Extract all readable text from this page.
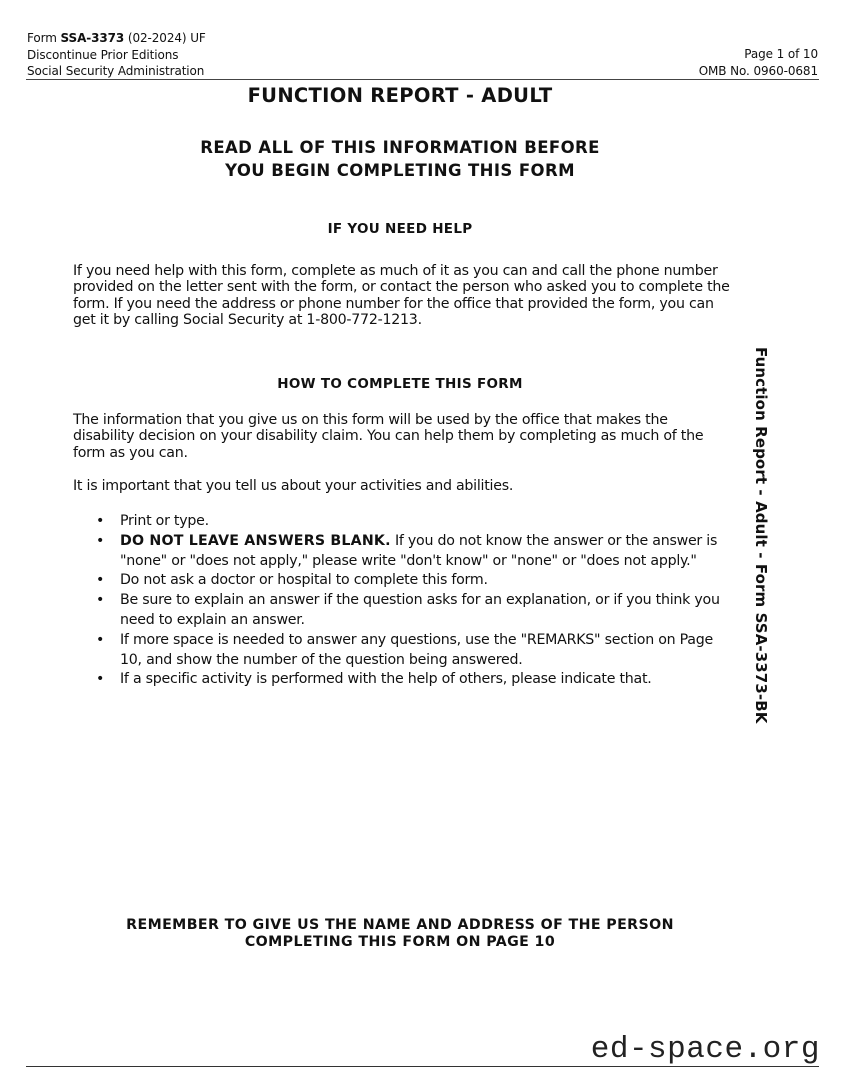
Form SSA-3373 (02-2024) UF
Discontinue Prior Editions
Social Security Administration
Page 1 of 10
OMB No. 0960-0681
FUNCTION REPORT - ADULT
READ ALL OF THIS INFORMATION BEFORE
YOU BEGIN COMPLETING THIS FORM
IF YOU NEED HELP
If you need help with this form, complete as much of it as you can and call the phone number provided on the letter sent with the form, or contact the person who asked you to complete the form. If you need the address or phone number for the office that provided the form, you can get it by calling Social Security at 1-800-772-1213.
HOW TO COMPLETE THIS FORM
The information that you give us on this form will be used by the office that makes the disability decision on your disability claim. You can help them by completing as much of the form as you can.
It is important that you tell us about your activities and abilities.
• Print or type.
• DO NOT LEAVE ANSWERS BLANK. If you do not know the answer or the answer is "none" or "does not apply," please write "don't know" or "none" or "does not apply."
• Do not ask a doctor or hospital to complete this form.
• Be sure to explain an answer if the question asks for an explanation, or if you think you need to explain an answer.
• If more space is needed to answer any questions, use the "REMARKS" section on Page 10, and show the number of the question being answered.
• If a specific activity is performed with the help of others, please indicate that.	Function Report - Adult - Form SSA-3373-BK
REMEMBER TO GIVE US THE NAME AND ADDRESS OF THE PERSON
COMPLETING THIS FORM ON PAGE 10
ed-space.org
